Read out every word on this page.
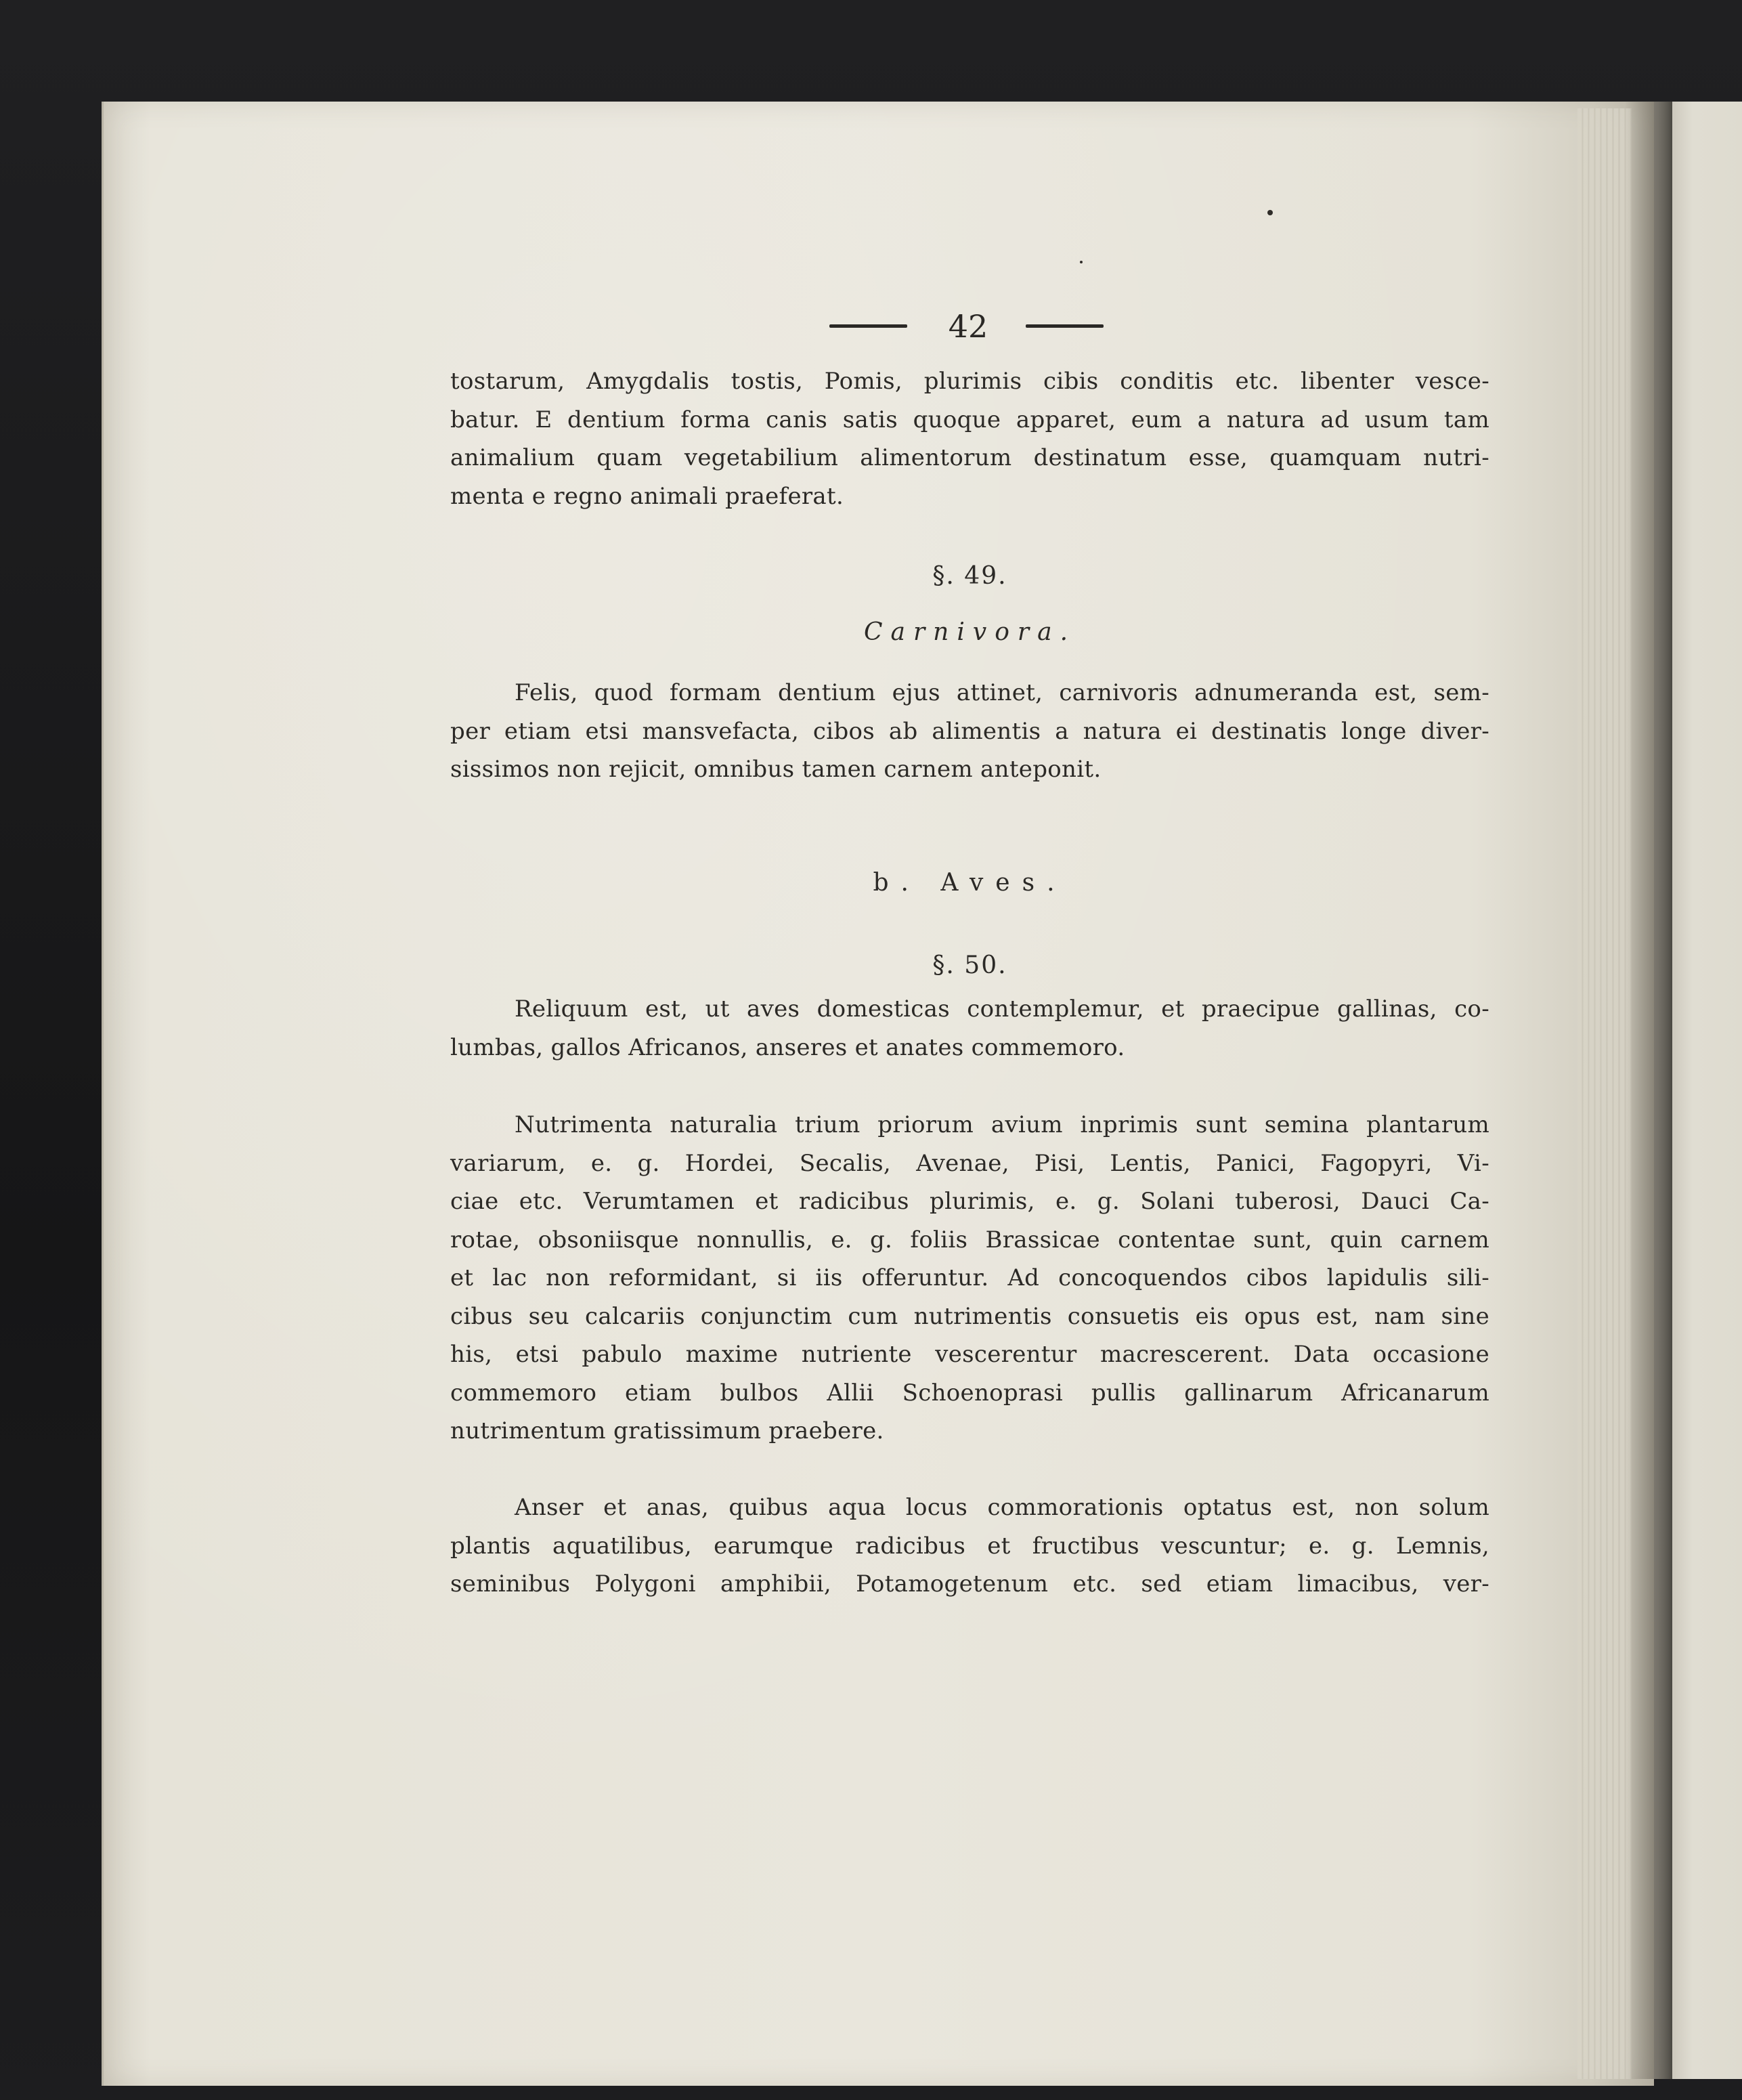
42
tostarum, Amygdalis tostis, Pomis, plurimis cibis conditis etc. libenter vesce-
batur. E dentium forma canis satis quoque apparet, eum a natura ad usum tam
animalium quam vegetabilium alimentorum destinatum esse, quamquam nutri-
menta e regno animali praeferat.
§. 49.
Carnivora.
Felis, quod formam dentium ejus attinet, carnivoris adnumeranda est, sem-
per etiam etsi mansvefacta, cibos ab alimentis a natura ei destinatis longe diver-
sissimos non rejicit, omnibus tamen carnem anteponit.
b. Aves.
§. 50.
Reliquum est, ut aves domesticas contemplemur, et praecipue gallinas, co-
lumbas, gallos Africanos, anseres et anates commemoro.
Nutrimenta naturalia trium priorum avium inprimis sunt semina plantarum
variarum, e. g. Hordei, Secalis, Avenae, Pisi, Lentis, Panici, Fagopyri, Vi-
ciae etc. Verumtamen et radicibus plurimis, e. g. Solani tuberosi, Dauci Ca-
rotae, obsoniisque nonnullis, e. g. foliis Brassicae contentae sunt, quin carnem
et lac non reformidant, si iis offeruntur. Ad concoquendos cibos lapidulis sili-
cibus seu calcariis conjunctim cum nutrimentis consuetis eis opus est, nam sine
his, etsi pabulo maxime nutriente vescerentur macrescerent. Data occasione
commemoro etiam bulbos Allii Schoenoprasi pullis gallinarum Africanarum
nutrimentum gratissimum praebere.
Anser et anas, quibus aqua locus commorationis optatus est, non solum
plantis aquatilibus, earumque radicibus et fructibus vescuntur; e. g. Lemnis,
seminibus Polygoni amphibii, Potamogetenum etc. sed etiam limacibus, ver-
